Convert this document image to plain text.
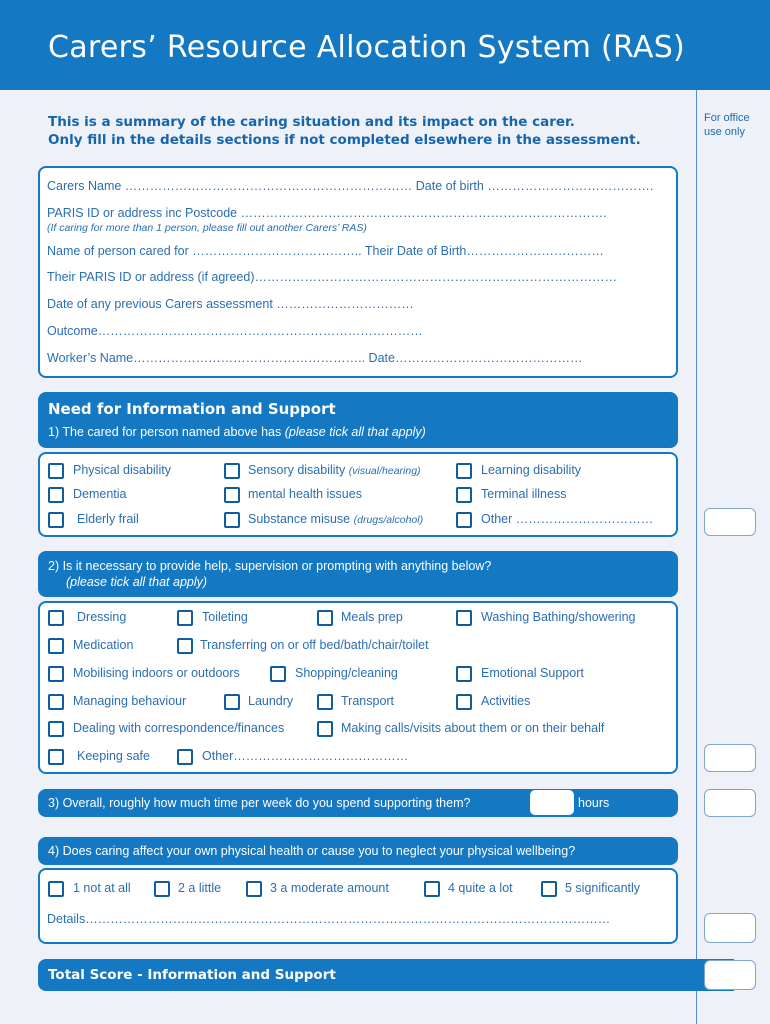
Carers’ Resource Allocation System (RAS)
For office
use only
This is a summary of the caring situation and its impact on the carer.
Only fill in the details sections if not completed elsewhere in the assessment.
Carers Name …………………………………………………………… Date of birth ………………………………….
PARIS ID or address inc Postcode …………………………………………………………………………….
(If caring for more than 1 person, please fill out another Carers’ RAS)
Name of person cared for ………………………………….. Their Date of Birth……………………………
Their PARIS ID or address (if agreed)……………………………………………………………………………
Date of any previous Carers assessment ……………………………
Outcome……………………………………………………………………
Worker’s Name……………………………………………….. Date………………………………………
Need for Information and Support
1) The cared for person named above has (please tick all that apply)
Physical disability	Sensory disability (visual/hearing)	Learning disability
Dementia	mental health issues	Terminal illness
Elderly frail	Substance misuse (drugs/alcohol)	Other ……………………………
2) Is it necessary to provide help, supervision or prompting with anything below?
(please tick all that apply)
Dressing	Toileting	Meals prep	Washing Bathing/showering
Medication	Transferring on or off bed/bath/chair/toilet
Mobilising indoors or outdoors	Shopping/cleaning	Emotional Support
Managing behaviour	Laundry	Transport	Activities
Dealing with correspondence/finances	Making calls/visits about them or on their behalf
Keeping safe	Other……………………………………
3) Overall, roughly how much time per week do you spend supporting them?	hours
4) Does caring affect your own physical health or cause you to neglect your physical wellbeing?
1 not at all	2 a little	3 a moderate amount	4 quite a lot	5 significantly
Details………………………………………………………………………………………………………………
Total Score - Information and Support
